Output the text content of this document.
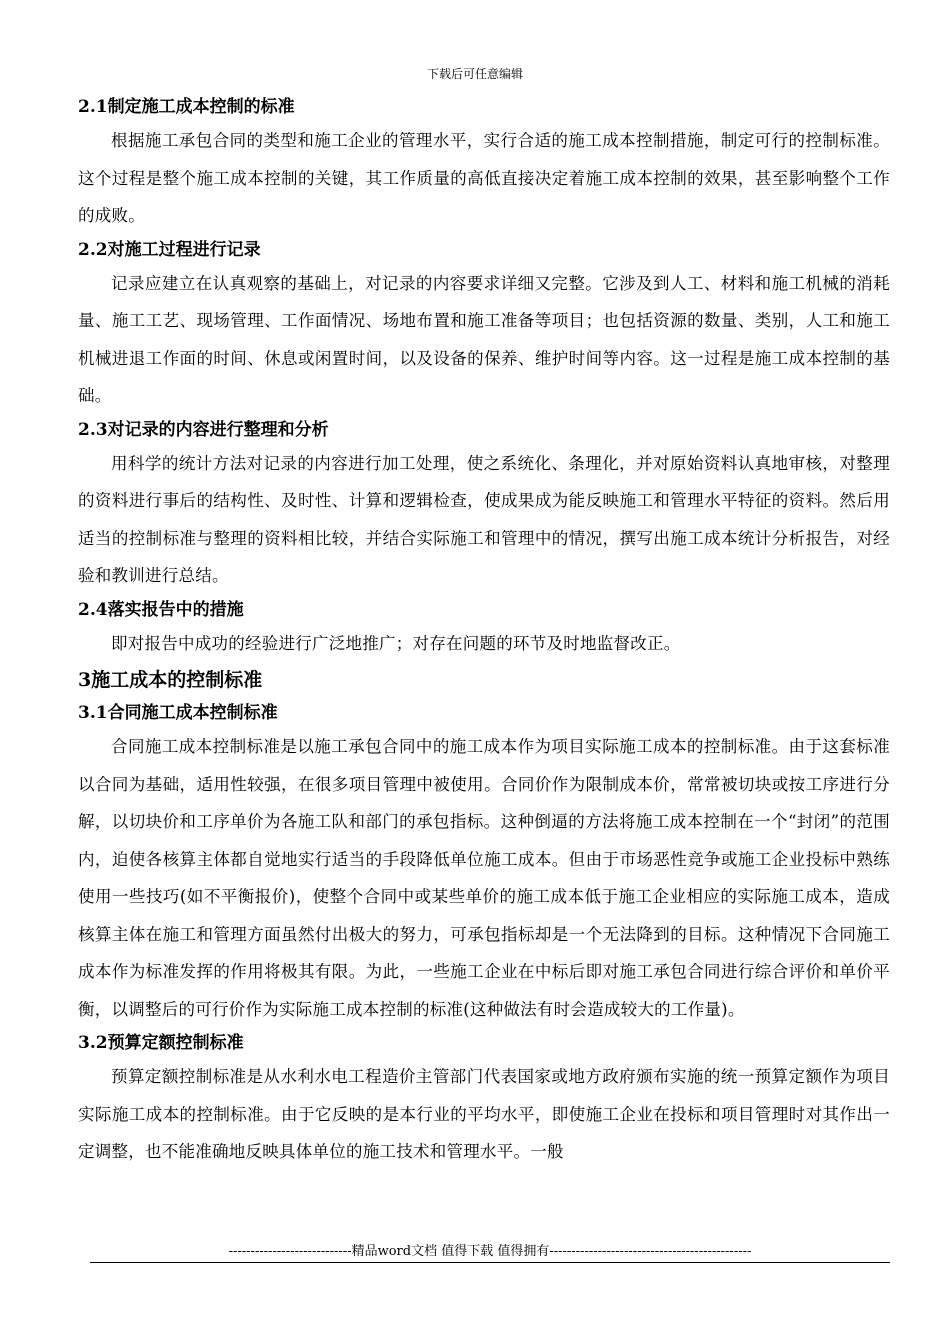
下载后可任意编辑
2.1制定施工成本控制的标准

根据施工承包合同的类型和施工企业的管理水平，实行合适的施工成本控制措施，制定可行的控制标准。这个过程是整个施工成本控制的关键，其工作质量的高低直接决定着施工成本控制的效果，甚至影响整个工作的成败。

2.2对施工过程进行记录

记录应建立在认真观察的基础上，对记录的内容要求详细又完整。它涉及到人工、材料和施工机械的消耗量、施工工艺、现场管理、工作面情况、场地布置和施工准备等项目；也包括资源的数量、类别，人工和施工机械进退工作面的时间、休息或闲置时间，以及设备的保养、维护时间等内容。这一过程是施工成本控制的基础。

2.3对记录的内容进行整理和分析

用科学的统计方法对记录的内容进行加工处理，使之系统化、条理化，并对原始资料认真地审核，对整理的资料进行事后的结构性、及时性、计算和逻辑检查，使成果成为能反映施工和管理水平特征的资料。然后用适当的控制标准与整理的资料相比较，并结合实际施工和管理中的情况，撰写出施工成本统计分析报告，对经验和教训进行总结。

2.4落实报告中的措施

即对报告中成功的经验进行广泛地推广；对存在问题的环节及时地监督改正。

3施工成本的控制标准
3.1合同施工成本控制标准

合同施工成本控制标准是以施工承包合同中的施工成本作为项目实际施工成本的控制标准。由于这套标准以合同为基础，适用性较强，在很多项目管理中被使用。合同价作为限制成本价，常常被切块或按工序进行分解，以切块价和工序单价为各施工队和部门的承包指标。这种倒逼的方法将施工成本控制在一个“封闭”的范围内，迫使各核算主体都自觉地实行适当的手段降低单位施工成本。但由于市场恶性竞争或施工企业投标中熟练使用一些技巧(如不平衡报价)，使整个合同中或某些单价的施工成本低于施工企业相应的实际施工成本，造成核算主体在施工和管理方面虽然付出极大的努力，可承包指标却是一个无法降到的目标。这种情况下合同施工成本作为标准发挥的作用将极其有限。为此，一些施工企业在中标后即对施工承包合同进行综合评价和单价平衡，以调整后的可行价作为实际施工成本控制的标准(这种做法有时会造成较大的工作量)。

3.2预算定额控制标准

预算定额控制标准是从水利水电工程造价主管部门代表国家或地方政府颁布实施的统一预算定额作为项目实际施工成本的控制标准。由于它反映的是本行业的平均水平，即使施工企业在投标和项目管理时对其作出一定调整，也不能准确地反映具体单位的施工技术和管理水平。一般

----------------------------精品word文档 值得下载 值得拥有----------------------------------------------
